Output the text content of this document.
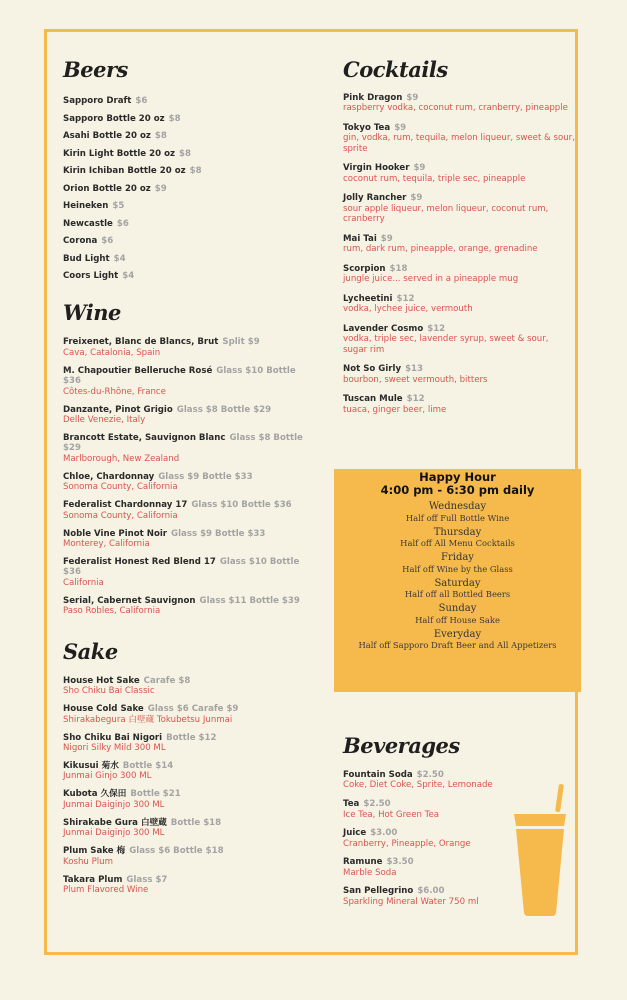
Beers
Sapporo Draft $6
Sapporo Bottle 20 oz $8
Asahi Bottle 20 oz $8
Kirin Light Bottle 20 oz $8
Kirin Ichiban Bottle 20 oz $8
Orion Bottle 20 oz $9
Heineken $5
Newcastle $6
Corona $6
Bud Light $4
Coors Light $4
Wine
Freixenet, Blanc de Blancs, Brut Split $9
Cava, Catalonia, Spain
M. Chapoutier Belleruche Rosé Glass $10 Bottle $36
Côtes-du-Rhône, France
Danzante, Pinot Grigio Glass $8 Bottle $29
Delle Venezie, Italy
Brancott Estate, Sauvignon Blanc Glass $8 Bottle $29
Marlborough, New Zealand
Chloe, Chardonnay Glass $9 Bottle $33
Sonoma County, California
Federalist Chardonnay 17 Glass $10 Bottle $36
Sonoma County, California
Noble Vine Pinot Noir Glass $9 Bottle $33
Monterey, California
Federalist Honest Red Blend 17 Glass $10 Bottle $36
California
Serial, Cabernet Sauvignon Glass $11 Bottle $39
Paso Robles, California
Sake
House Hot Sake Carafe $8
Sho Chiku Bai Classic
House Cold Sake Glass $6 Carafe $9
Shirakabegura 白壁蔵 Tokubetsu Junmai
Sho Chiku Bai Nigori Bottle $12
Nigori Silky Mild 300 ML
Kikusui 菊水 Bottle $14
Junmai Ginjo 300 ML
Kubota 久保田 Bottle $21
Junmai Daiginjo 300 ML
Shirakabe Gura 白壁蔵 Bottle $18
Junmai Daiginjo 300 ML
Plum Sake 梅 Glass $6 Bottle $18
Koshu Plum
Takara Plum Glass $7
Plum Flavored Wine
Cocktails
Pink Dragon $9
raspberry vodka, coconut rum, cranberry, pineapple
Tokyo Tea $9
gin, vodka, rum, tequila, melon liqueur, sweet & sour, sprite
Virgin Hooker $9
coconut rum, tequila, triple sec, pineapple
Jolly Rancher $9
sour apple liqueur, melon liqueur, coconut rum, cranberry
Mai Tai $9
rum, dark rum, pineapple, orange, grenadine
Scorpion $18
jungle juice... served in a pineapple mug
Lycheetini $12
vodka, lychee juice, vermouth
Lavender Cosmo $12
vodka, triple sec, lavender syrup, sweet & sour, sugar rim
Not So Girly $13
bourbon, sweet vermouth, bitters
Tuscan Mule $12
tuaca, ginger beer, lime
Happy Hour
4:00 pm - 6:30 pm daily
Wednesday
Half off Full Bottle Wine
Thursday
Half off All Menu Cocktails
Friday
Half off Wine by the Glass
Saturday
Half off all Bottled Beers
Sunday
Half off House Sake
Everyday
Half off Sapporo Draft Beer and All Appetizers
Beverages
Fountain Soda $2.50
Coke, Diet Coke, Sprite, Lemonade
Tea $2.50
Ice Tea, Hot Green Tea
Juice $3.00
Cranberry, Pineapple, Orange
Ramune $3.50
Marble Soda
San Pellegrino $6.00
Sparkling Mineral Water 750 ml
